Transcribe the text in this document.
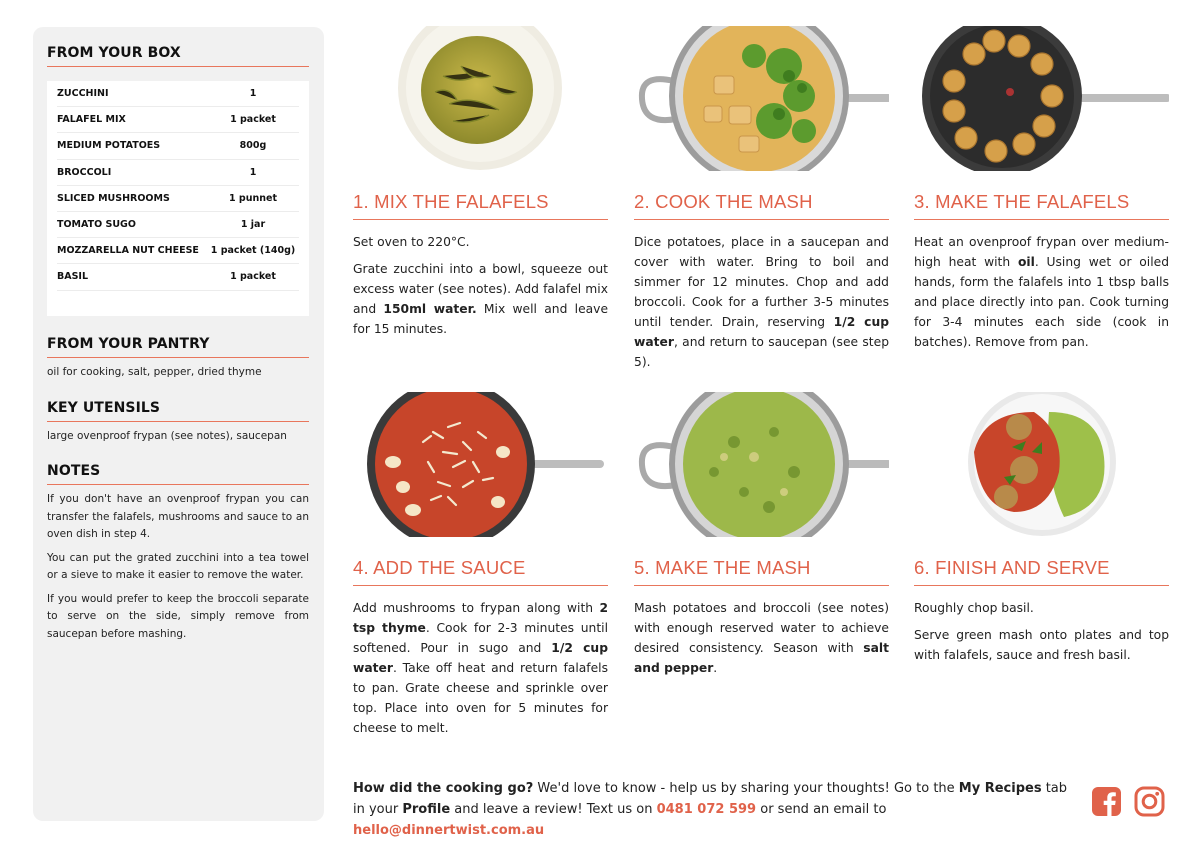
FROM YOUR BOX
ZUCCHINI	1
FALAFEL MIX	1 packet
MEDIUM POTATOES	800g
BROCCOLI	1
SLICED MUSHROOMS	1 punnet
TOMATO SUGO	1 jar
MOZZARELLA NUT CHEESE	1 packet (140g)
BASIL	1 packet
FROM YOUR PANTRY
oil for cooking, salt, pepper, dried thyme
KEY UTENSILS
large ovenproof frypan (see notes), saucepan
NOTES

If you don't have an ovenproof frypan you can transfer the falafels, mushrooms and sauce to an oven dish in step 4.

You can put the grated zucchini into a tea towel or a sieve to make it easier to remove the water.

If you would prefer to keep the broccoli separate to serve on the side, simply remove from saucepan before mashing.

1. MIX THE FALAFELS

Set oven to 220°C.

Grate zucchini into a bowl, squeeze out excess water (see notes). Add falafel mix and 150ml water. Mix well and leave for 15 minutes.

2. COOK THE MASH

Dice potatoes, place in a saucepan and cover with water. Bring to boil and simmer for 12 minutes. Chop and add broccoli. Cook for a further 3-5 minutes until tender. Drain, reserving 1/2 cup water, and return to saucepan (see step 5).

3. MAKE THE FALAFELS

Heat an ovenproof frypan over medium-high heat with oil. Using wet or oiled hands, form the falafels into 1 tbsp balls and place directly into pan. Cook turning for 3-4 minutes each side (cook in batches). Remove from pan.

4. ADD THE SAUCE

Add mushrooms to frypan along with 2 tsp thyme. Cook for 2-3 minutes until softened. Pour in sugo and 1/2 cup water. Take off heat and return falafels to pan. Grate cheese and sprinkle over top. Place into oven for 5 minutes for cheese to melt.

5. MAKE THE MASH

Mash potatoes and broccoli (see notes) with enough reserved water to achieve desired consistency. Season with salt and pepper.

6. FINISH AND SERVE

Roughly chop basil.

Serve green mash onto plates and top with falafels, sauce and fresh basil.

How did the cooking go? We'd love to know - help us by sharing your thoughts! Go to the My Recipes tab in your Profile and leave a review! Text us on 0481 072 599 or send an email to hello@dinnertwist.com.au
